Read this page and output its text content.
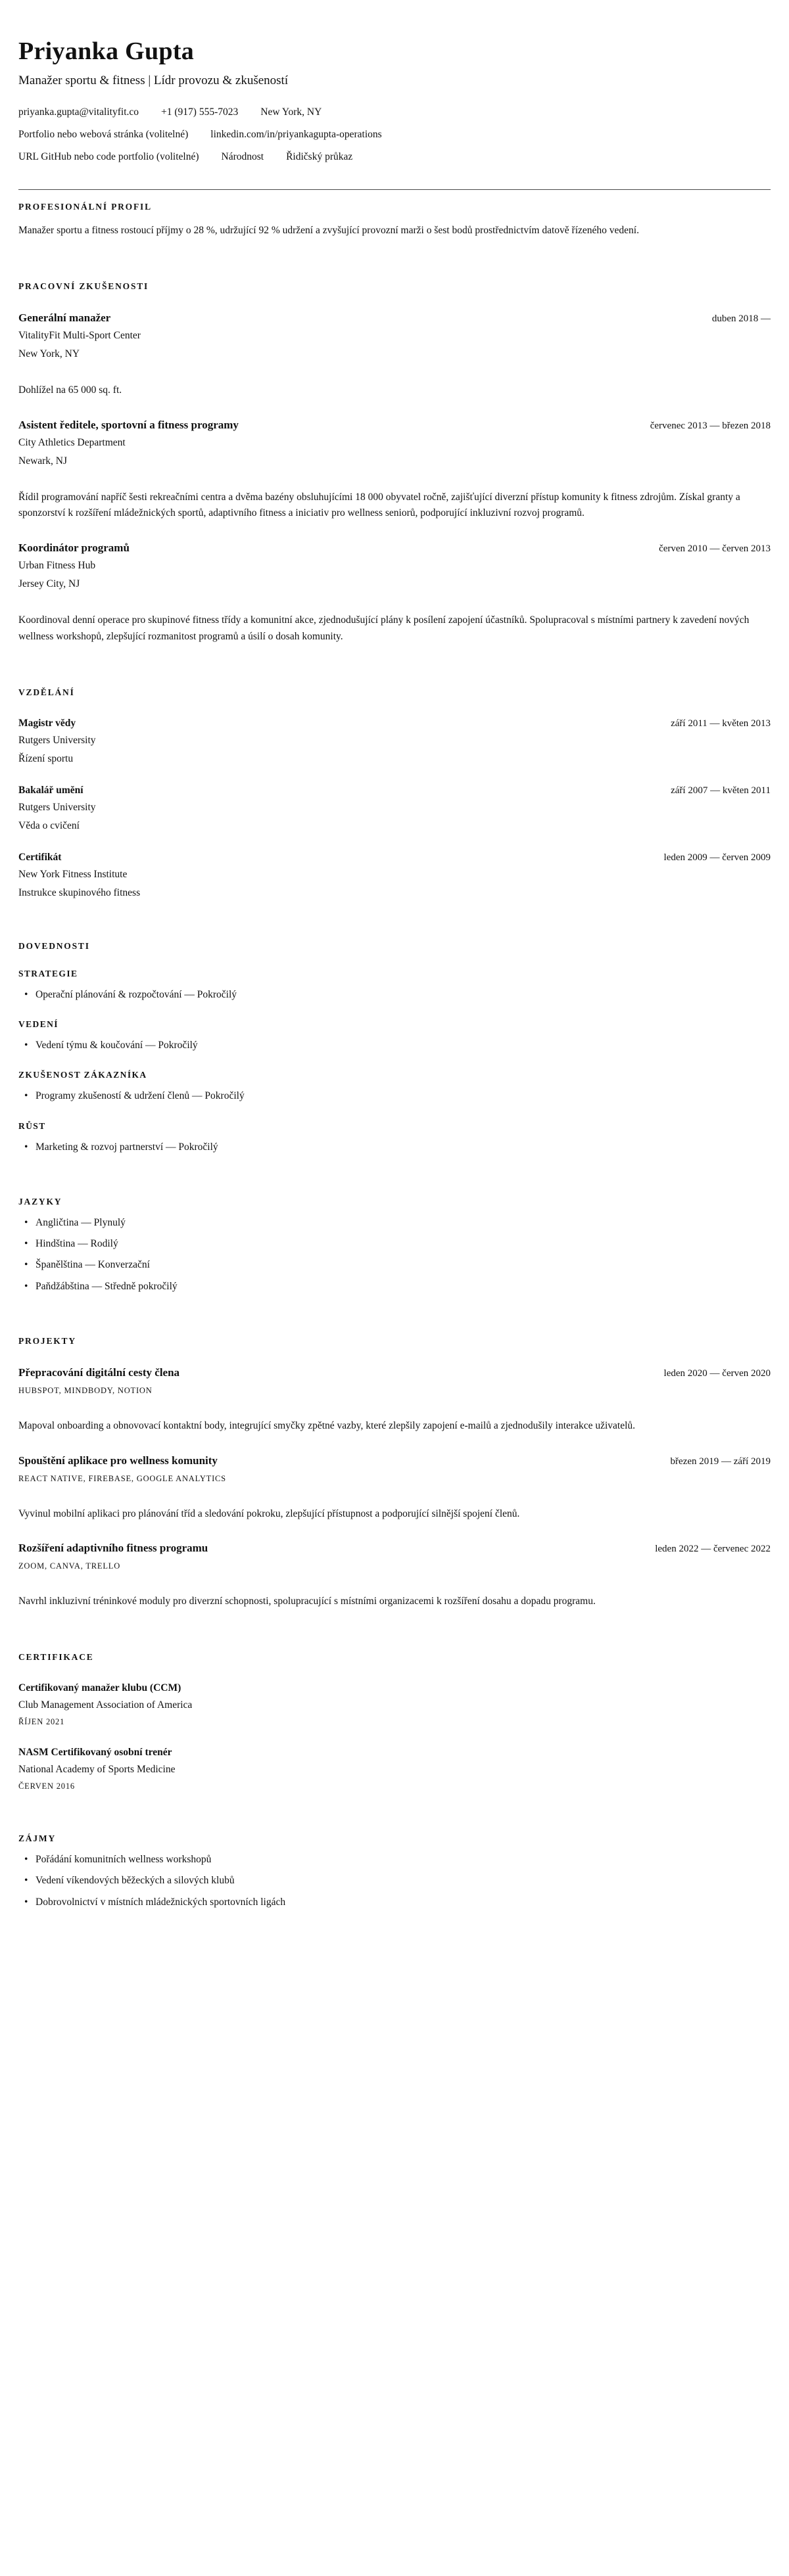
Priyanka Gupta
Manažer sportu & fitness | Lídr provozu & zkušeností
priyanka.gupta@vitalityfit.co +1 (917) 555-7023 New York, NY
Portfolio nebo webová stránka (volitelné) linkedin.com/in/priyankagupta-operations
URL GitHub nebo code portfolio (volitelné) Národnost Řidičský průkaz
PROFESIONÁLNÍ PROFIL

Manažer sportu a fitness rostoucí příjmy o 28 %, udržující 92 % udržení a zvyšující provozní marži o šest bodů prostřednictvím datově řízeného vedení.

PRACOVNÍ ZKUŠENOSTI
Generální manažer	duben 2018 —
VitalityFit Multi-Sport Center
New York, NY

Dohlížel na 65 000 sq. ft.

Asistent ředitele, sportovní a fitness programy	červenec 2013 — březen 2018
City Athletics Department
Newark, NJ

Řídil programování napříč šesti rekreačními centra a dvěma bazény obsluhujícími 18 000 obyvatel ročně, zajišťující diverzní přístup komunity k fitness zdrojům. Získal granty a sponzorství k rozšíření mládežnických sportů, adaptivního fitness a iniciativ pro wellness seniorů, podporující inkluzivní rozvoj programů.

Koordinátor programů	červen 2010 — červen 2013
Urban Fitness Hub
Jersey City, NJ

Koordinoval denní operace pro skupinové fitness třídy a komunitní akce, zjednodušující plány k posílení zapojení účastníků. Spolupracoval s místními partnery k zavedení nových wellness workshopů, zlepšující rozmanitost programů a úsilí o dosah komunity.

VZDĚLÁNÍ
Magistr vědy	září 2011 — květen 2013
Rutgers University
Řízení sportu
Bakalář umění	září 2007 — květen 2011
Rutgers University
Věda o cvičení
Certifikát	leden 2009 — červen 2009
New York Fitness Institute
Instrukce skupinového fitness
DOVEDNOSTI
STRATEGIE
• Operační plánování & rozpočtování — Pokročilý
VEDENÍ
• Vedení týmu & koučování — Pokročilý
ZKUŠENOST ZÁKAZNÍKA
• Programy zkušeností & udržení členů — Pokročilý
RŮST
• Marketing & rozvoj partnerství — Pokročilý
JAZYKY
• Angličtina — Plynulý
• Hindština — Rodilý
• Španělština — Konverzační
• Paňdžábština — Středně pokročilý
PROJEKTY
Přepracování digitální cesty člena	leden 2020 — červen 2020
HUBSPOT, MINDBODY, NOTION

Mapoval onboarding a obnovovací kontaktní body, integrující smyčky zpětné vazby, které zlepšily zapojení e-mailů a zjednodušily interakce uživatelů.

Spouštění aplikace pro wellness komunity	březen 2019 — září 2019
REACT NATIVE, FIREBASE, GOOGLE ANALYTICS

Vyvinul mobilní aplikaci pro plánování tříd a sledování pokroku, zlepšující přístupnost a podporující silnější spojení členů.

Rozšíření adaptivního fitness programu	leden 2022 — červenec 2022
ZOOM, CANVA, TRELLO

Navrhl inkluzivní tréninkové moduly pro diverzní schopnosti, spolupracující s místními organizacemi k rozšíření dosahu a dopadu programu.

CERTIFIKACE
Certifikovaný manažer klubu (CCM)
Club Management Association of America
ŘÍJEN 2021
NASM Certifikovaný osobní trenér
National Academy of Sports Medicine
ČERVEN 2016
ZÁJMY
• Pořádání komunitních wellness workshopů
• Vedení víkendových běžeckých a silových klubů
• Dobrovolnictví v místních mládežnických sportovních ligách
